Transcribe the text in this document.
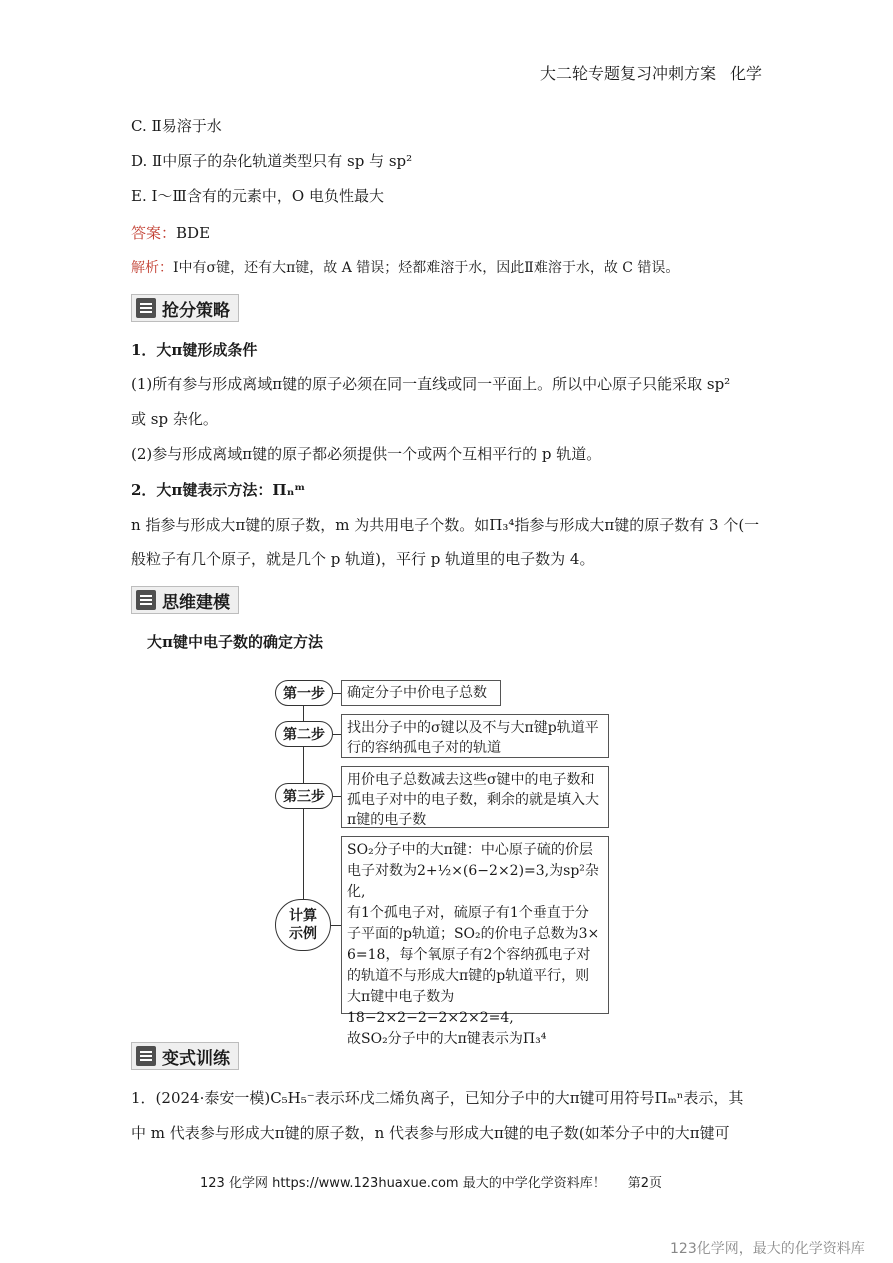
大二轮专题复习冲刺方案 化学
C. Ⅱ易溶于水
D. Ⅱ中原子的杂化轨道类型只有 sp 与 sp²
E. Ⅰ～Ⅲ含有的元素中，O 电负性最大
答案：BDE
解析：Ⅰ中有σ键，还有大π键，故 A 错误；烃都难溶于水，因此Ⅱ难溶于水，故 C 错误。
抢分策略
1．大π键形成条件
(1)所有参与形成离域π键的原子必须在同一直线或同一平面上。所以中心原子只能采取 sp²
或 sp 杂化。
(2)参与形成离域π键的原子都必须提供一个或两个互相平行的 p 轨道。
2．大π键表示方法：Πₙᵐ
n 指参与形成大π键的原子数，m 为共用电子个数。如Π₃⁴指参与形成大π键的原子数有 3 个(一
般粒子有几个原子，就是几个 p 轨道)，平行 p 轨道里的电子数为 4。
思维建模
大π键中电子数的确定方法
第一步	确定分子中价电子总数
第二步	找出分子中的σ键以及不与大π键p轨道平行的容纳孤电子对的轨道
第三步
用价电子总数减去这些σ键中的电子数和孤电子对中的电子数，剩余的就是填入大π键的电子数
计算
示例
SO₂分子中的大π键：中心原子硫的价层
电子对数为2+½×(6−2×2)=3,为sp²杂化,
有1个孤电子对，硫原子有1个垂直于分
子平面的p轨道；SO₂的价电子总数为3×
6=18，每个氧原子有2个容纳孤电子对
的轨道不与形成大π键的p轨道平行，则
大π键中电子数为18−2×2−2−2×2×2=4,
故SO₂分子中的大π键表示为Π₃⁴
变式训练
1．(2024·泰安一模)C₅H₅⁻表示环戊二烯负离子，已知分子中的大π键可用符号Πₘⁿ表示，其
中 m 代表参与形成大π键的原子数，n 代表参与形成大π键的电子数(如苯分子中的大π键可
123 化学网 https://www.123huaxue.com 最大的中学化学资料库！ 第2页
123化学网，最大的化学资料库
